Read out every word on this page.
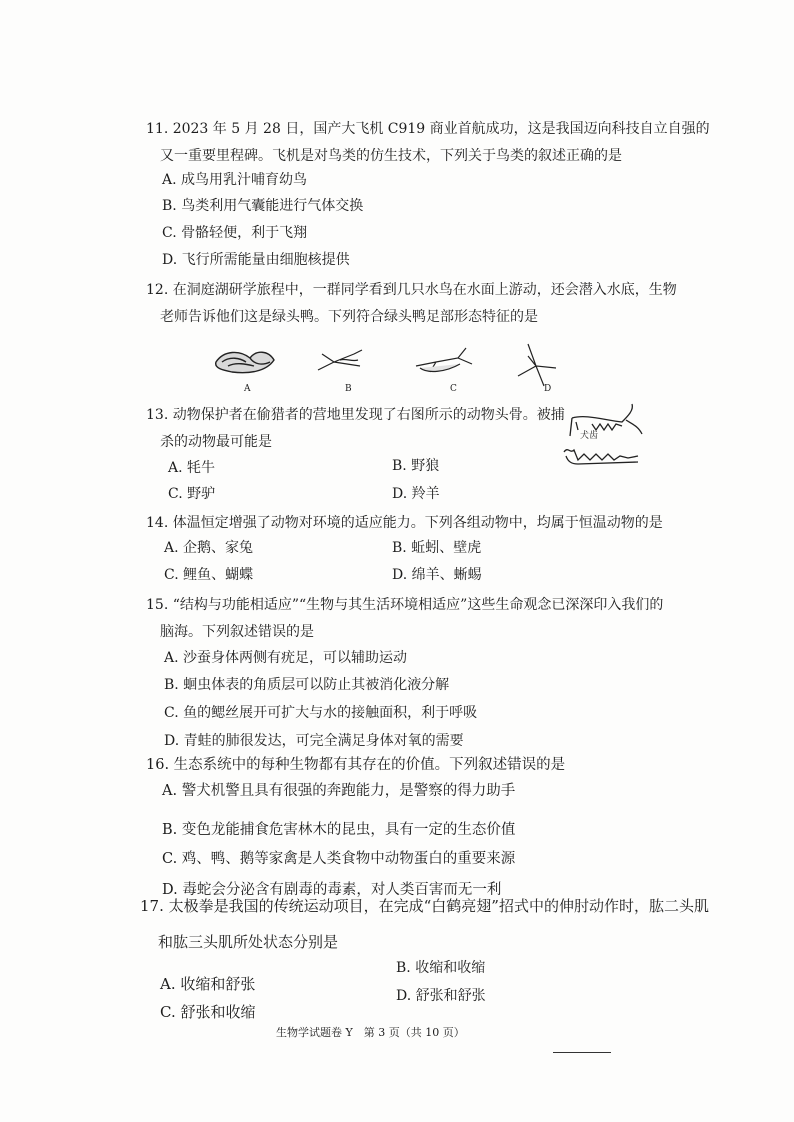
11. 2023 年 5 月 28 日，国产大飞机 C919 商业首航成功，这是我国迈向科技自立自强的
又一重要里程碑。飞机是对鸟类的仿生技术，下列关于鸟类的叙述正确的是
A. 成鸟用乳汁哺育幼鸟
B. 鸟类利用气囊能进行气体交换
C. 骨骼轻便，利于飞翔
D. 飞行所需能量由细胞核提供
12. 在洞庭湖研学旅程中，一群同学看到几只水鸟在水面上游动，还会潜入水底，生物
老师告诉他们这是绿头鸭。下列符合绿头鸭足部形态特征的是
A	B	C	D
13. 动物保护者在偷猎者的营地里发现了右图所示的动物头骨。被捕
杀的动物最可能是	犬齿
A. 牦牛	B. 野狼
C. 野驴	D. 羚羊
14. 体温恒定增强了动物对环境的适应能力。下列各组动物中，均属于恒温动物的是
A. 企鹅、家兔	B. 蚯蚓、壁虎
C. 鲤鱼、蝴蝶	D. 绵羊、蜥蜴
15. “结构与功能相适应”“生物与其生活环境相适应”这些生命观念已深深印入我们的
脑海。下列叙述错误的是
A. 沙蚕身体两侧有疣足，可以辅助运动
B. 蛔虫体表的角质层可以防止其被消化液分解
C. 鱼的鳃丝展开可扩大与水的接触面积，利于呼吸
D. 青蛙的肺很发达，可完全满足身体对氧的需要
16. 生态系统中的每种生物都有其存在的价值。下列叙述错误的是
A. 警犬机警且具有很强的奔跑能力，是警察的得力助手
B. 变色龙能捕食危害林木的昆虫，具有一定的生态价值
C. 鸡、鸭、鹅等家禽是人类食物中动物蛋白的重要来源
D. 毒蛇会分泌含有剧毒的毒素，对人类百害而无一利
17. 太极拳是我国的传统运动项目，在完成“白鹤亮翅”招式中的伸肘动作时，肱二头肌
和肱三头肌所处状态分别是
A. 收缩和舒张
B. 收缩和收缩
C. 舒张和收缩
D. 舒张和舒张
生物学试题卷 Y　第 3 页（共 10 页）
